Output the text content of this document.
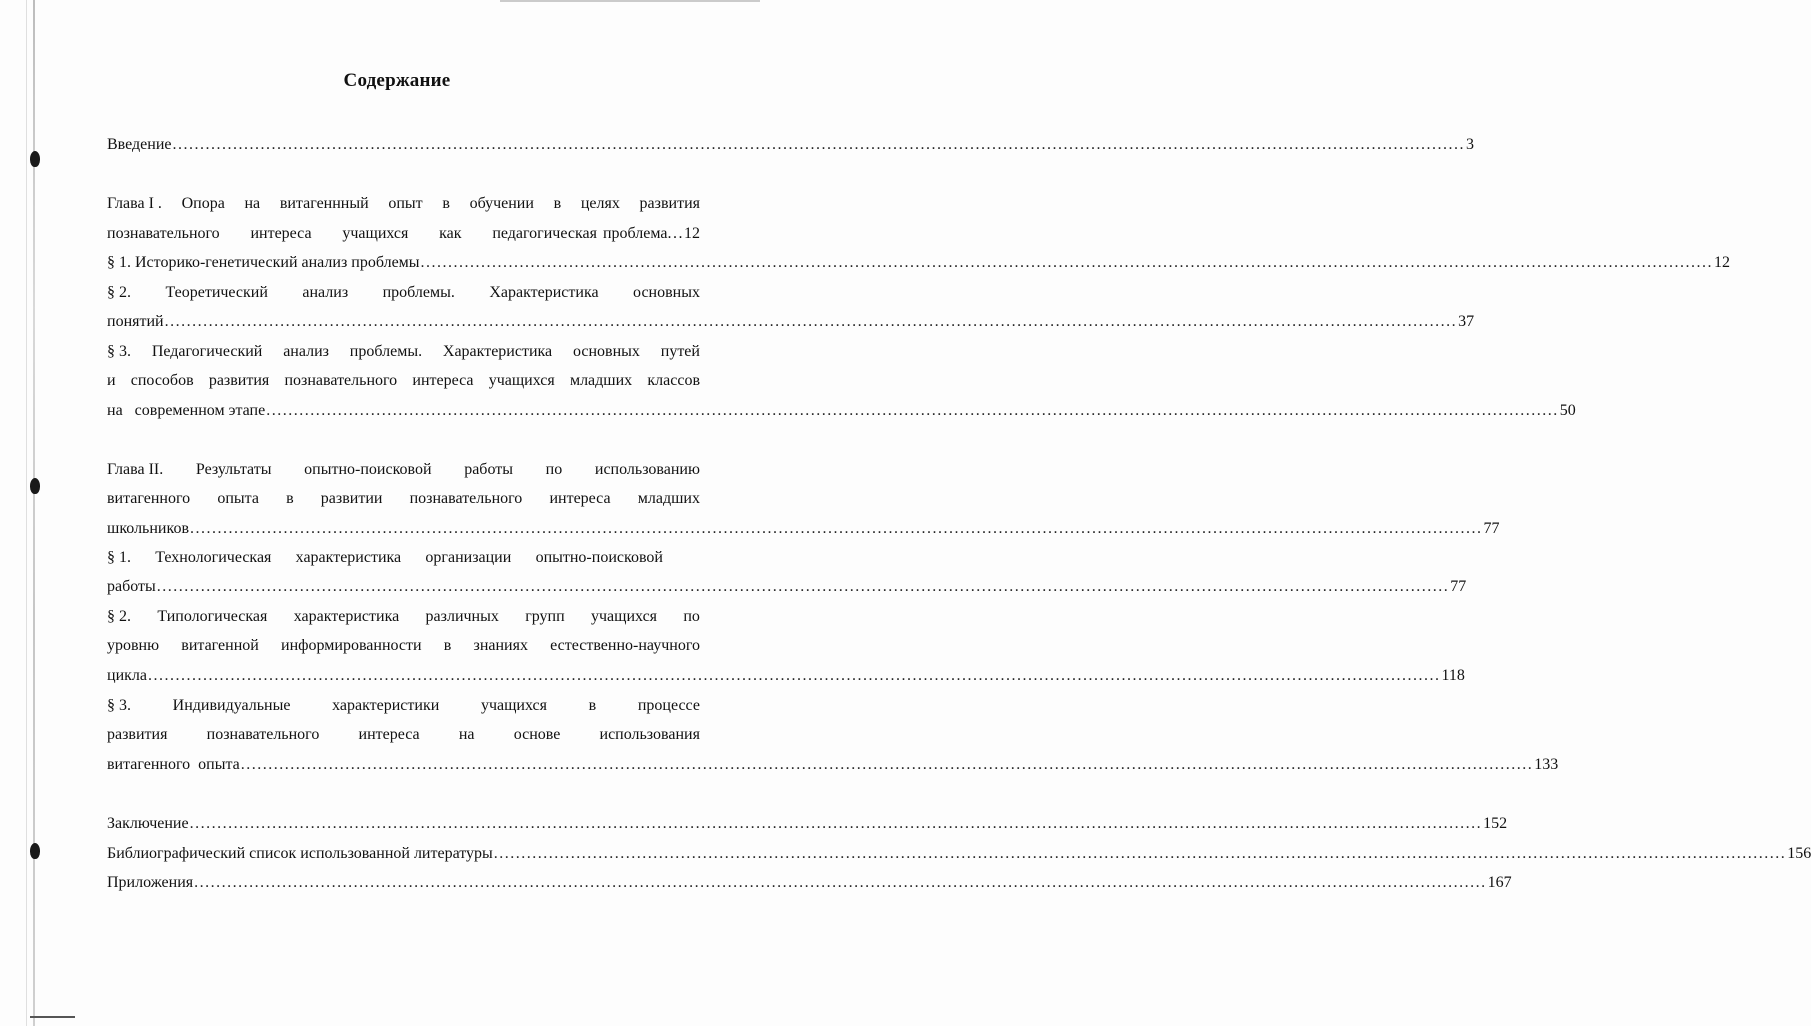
Содержание
Введение ........................................................................................................................................................................................................................................... 3
Глава I . Опора на витагеннный опыт в обучении в целях развития
познавательного интереса учащихся как педагогическая проблема ... 12
§ 1. Историко-генетический анализ проблемы ........................................................................................................................................................................................................................................... 12
§ 2. Теоретический анализ проблемы. Характеристика основных
понятий ........................................................................................................................................................................................................................................... 37
§ 3. Педагогический анализ проблемы. Характеристика основных путей
и способов развития познавательного интереса учащихся младших классов
на   современном этапе ........................................................................................................................................................................................................................................... 50
Глава II. Результаты опытно-поисковой работы по использованию
витагенного опыта в развитии познавательного интереса младших
школьников ........................................................................................................................................................................................................................................... 77
§ 1. Технологическая характеристика организации опытно-поисковой
работы ........................................................................................................................................................................................................................................... 77
§ 2. Типологическая характеристика различных групп учащихся по
уровню витагенной информированности в знаниях естественно-научного
цикла ........................................................................................................................................................................................................................................... 118
§ 3.	Индивидуальные	характеристики	учащихся	в	процессе
развития познавательного интереса на основе использования
витагенного  опыта ........................................................................................................................................................................................................................................... 133
Заключение ........................................................................................................................................................................................................................................... 152
Библиографический список использованной литературы ........................................................................................................................................................................................................................................... 156
Приложения ........................................................................................................................................................................................................................................... 167
